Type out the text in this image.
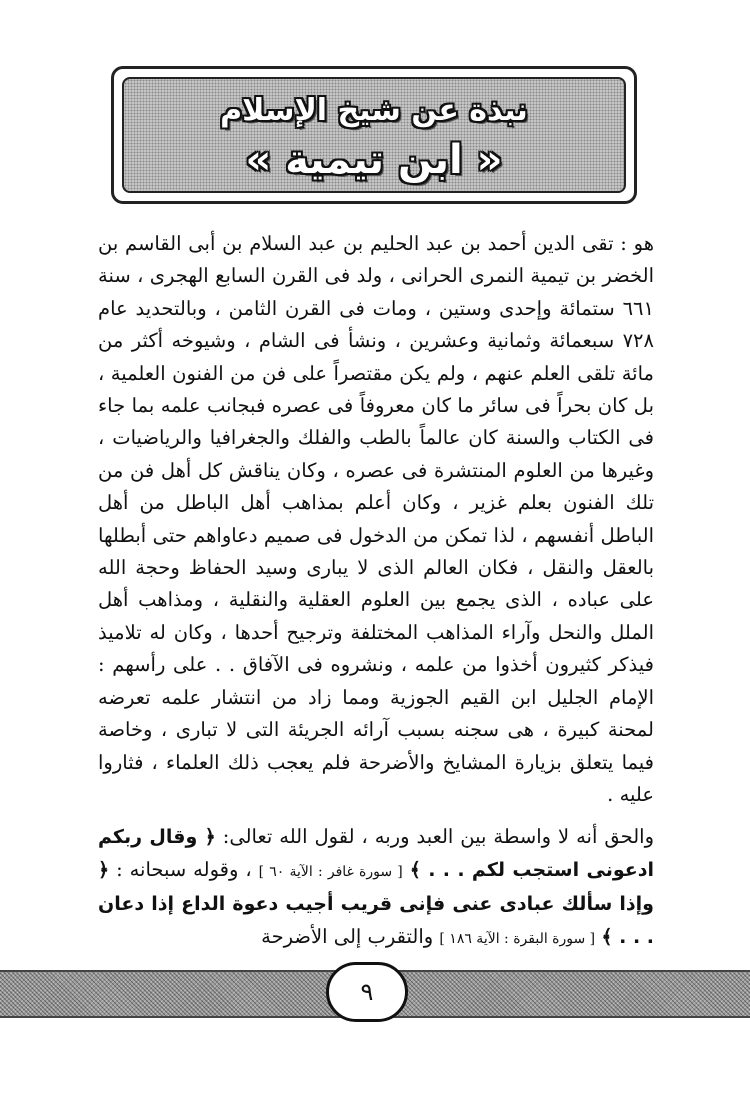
نبذة عن شيخ الإسلام
« ابن تيمية »

هو : تقى الدين أحمد بن عبد الحليم بن عبد السلام بن أبى القاسم بن الخضر بن تيمية النمرى الحرانى ، ولد فى القرن السابع الهجرى ، سنة ٦٦١ ستمائة وإحدى وستين ، ومات فى القرن الثامن ، وبالتحديد عام ٧٢٨ سبعمائة وثمانية وعشرين ، ونشأ فى الشام ، وشيوخه أكثر من مائة تلقى العلم عنهم ، ولم يكن مقتصراً على فن من الفنون العلمية ، بل كان بحراً فى سائر ما كان معروفاً فى عصره فبجانب علمه بما جاء فى الكتاب والسنة كان عالماً بالطب والفلك والجغرافيا والرياضيات ، وغيرها من العلوم المنتشرة فى عصره ، وكان يناقش كل أهل فن من تلك الفنون بعلم غزير ، وكان أعلم بمذاهب أهل الباطل من أهل الباطل أنفسهم ، لذا تمكن من الدخول فى صميم دعاواهم حتى أبطلها بالعقل والنقل ، فكان العالم الذى لا يبارى وسيد الحفاظ وحجة الله على عباده ، الذى يجمع بين العلوم العقلية والنقلية ، ومذاهب أهل الملل والنحل وآراء المذاهب المختلفة وترجيح أحدها ، وكان له تلاميذ فيذكر كثيرون أخذوا من علمه ، ونشروه فى الآفاق . . على رأسهم : الإمام الجليل ابن القيم الجوزية ومما زاد من انتشار علمه تعرضه لمحنة كبيرة ، هى سجنه بسبب آرائه الجريئة التى لا تبارى ، وخاصة فيما يتعلق بزيارة المشايخ والأضرحة فلم يعجب ذلك العلماء ، فثاروا عليه .

والحق أنه لا واسطة بين العبد وربه ، لقول الله تعالى: ﴿ وقال ربكم ادعونى استجب لكم . . . ﴾ [ سورة غافر : الآية ٦٠ ] ، وقوله سبحانه : ﴿ وإذا سألك عبادى عنى فإنى قريب أجيب دعوة الداع إذا دعان . . . ﴾ [ سورة البقرة : الآية ١٨٦ ] والتقرب إلى الأضرحة

٩
